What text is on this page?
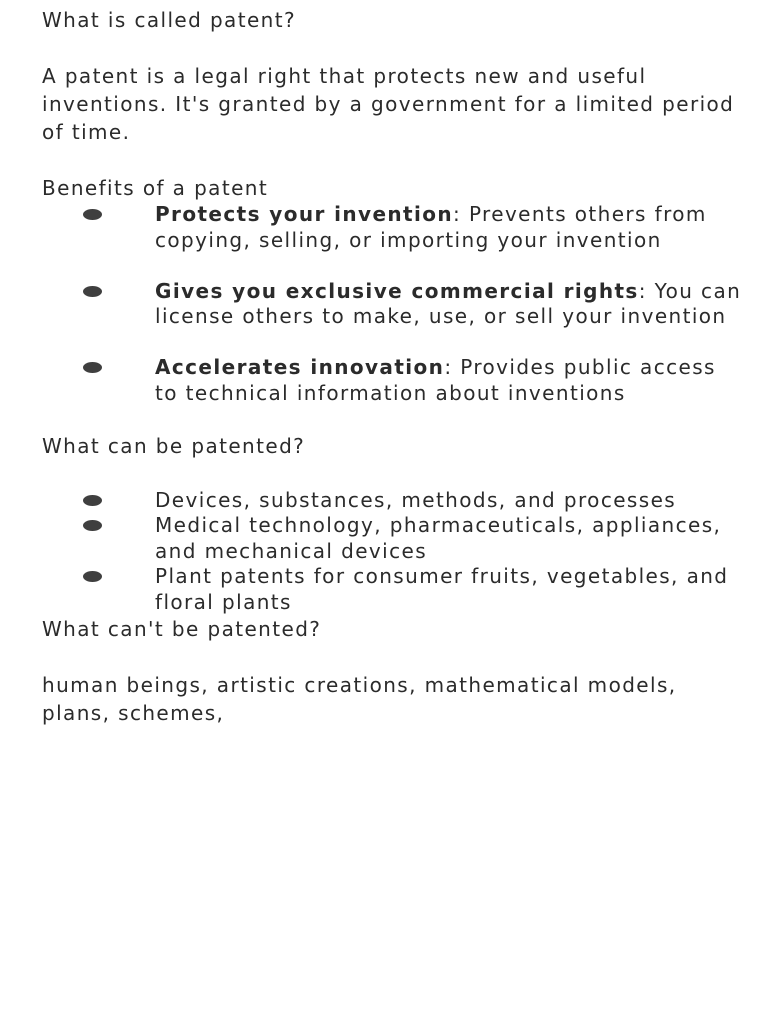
What is called patent?

A patent is a legal right that protects new and useful inventions. It's granted by a government for a limited period of time.

Benefits of a patent

Protects your invention: Prevents others from copying, selling, or importing your invention
Gives you exclusive commercial rights: You can license others to make, use, or sell your invention
Accelerates innovation: Provides public access to technical information about inventions

What can be patented?

Devices, substances, methods, and processes
Medical technology, pharmaceuticals, appliances, and mechanical devices
Plant patents for consumer fruits, vegetables, and floral plants

What can't be patented?

human beings, artistic creations, mathematical models, plans, schemes,
